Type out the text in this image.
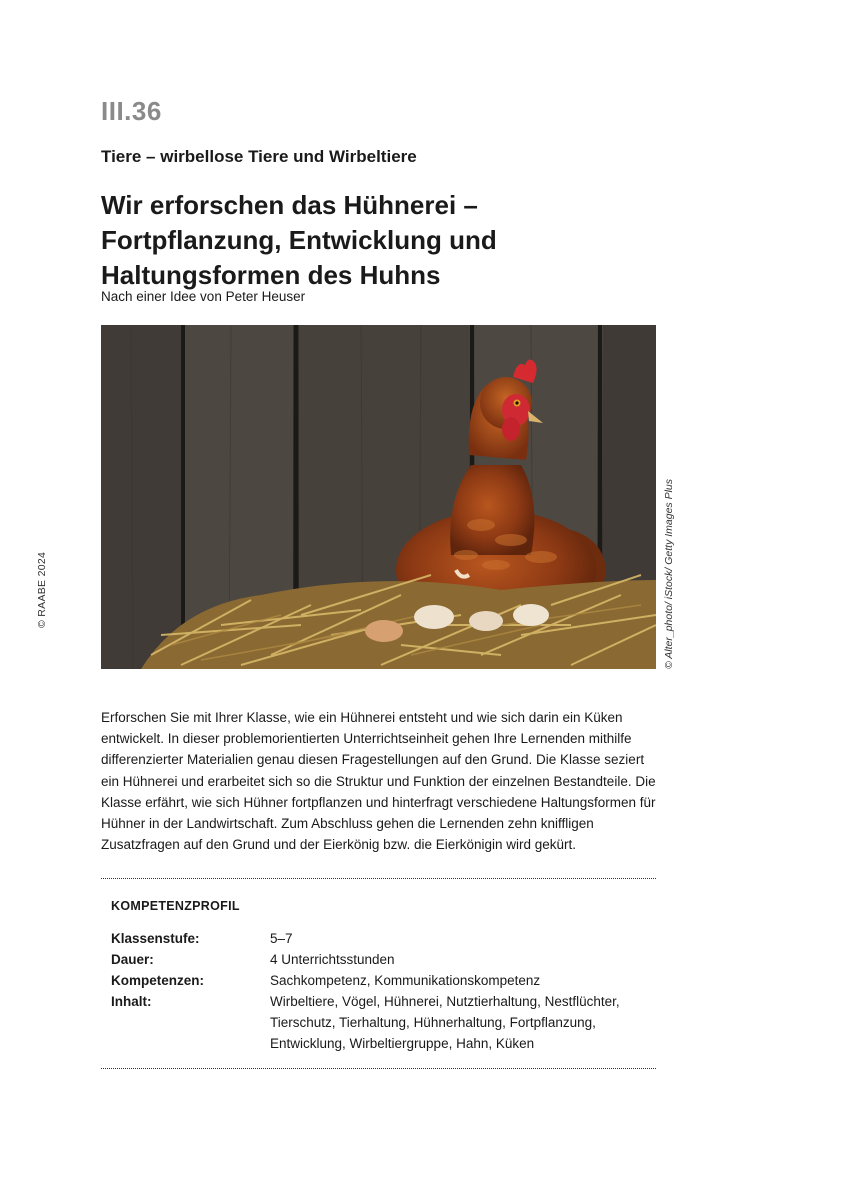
III.36
Tiere – wirbellose Tiere und Wirbeltiere
Wir erforschen das Hühnerei – Fortpflanzung, Entwicklung und Haltungsformen des Huhns
Nach einer Idee von Peter Heuser
© Alter_photo/ iStock/ Getty Images Plus
© RAABE 2024

Erforschen Sie mit Ihrer Klasse, wie ein Hühnerei entsteht und wie sich darin ein Küken entwickelt. In dieser problemorientierten Unterrichtseinheit gehen Ihre Lernenden mithilfe differenzierter Materialien genau diesen Fragestellungen auf den Grund. Die Klasse seziert ein Hühnerei und erarbeitet sich so die Struktur und Funktion der einzelnen Bestandteile. Die Klasse erfährt, wie sich Hühner fortpflanzen und hinterfragt verschiedene Haltungsformen für Hühner in der Landwirtschaft. Zum Abschluss gehen die Lernenden zehn kniffligen Zusatzfragen auf den Grund und der Eierkönig bzw. die Eierkönigin wird gekürt.

KOMPETENZPROFIL
Klassenstufe:	5–7
Dauer:	4 Unterrichtsstunden
Kompetenzen:	Sachkompetenz, Kommunikationskompetenz
Inhalt:	Wirbeltiere, Vögel, Hühnerei, Nutztierhaltung, Nestflüchter, Tierschutz, Tierhaltung, Hühnerhaltung, Fortpflanzung, Entwicklung, Wirbeltiergruppe, Hahn, Küken
